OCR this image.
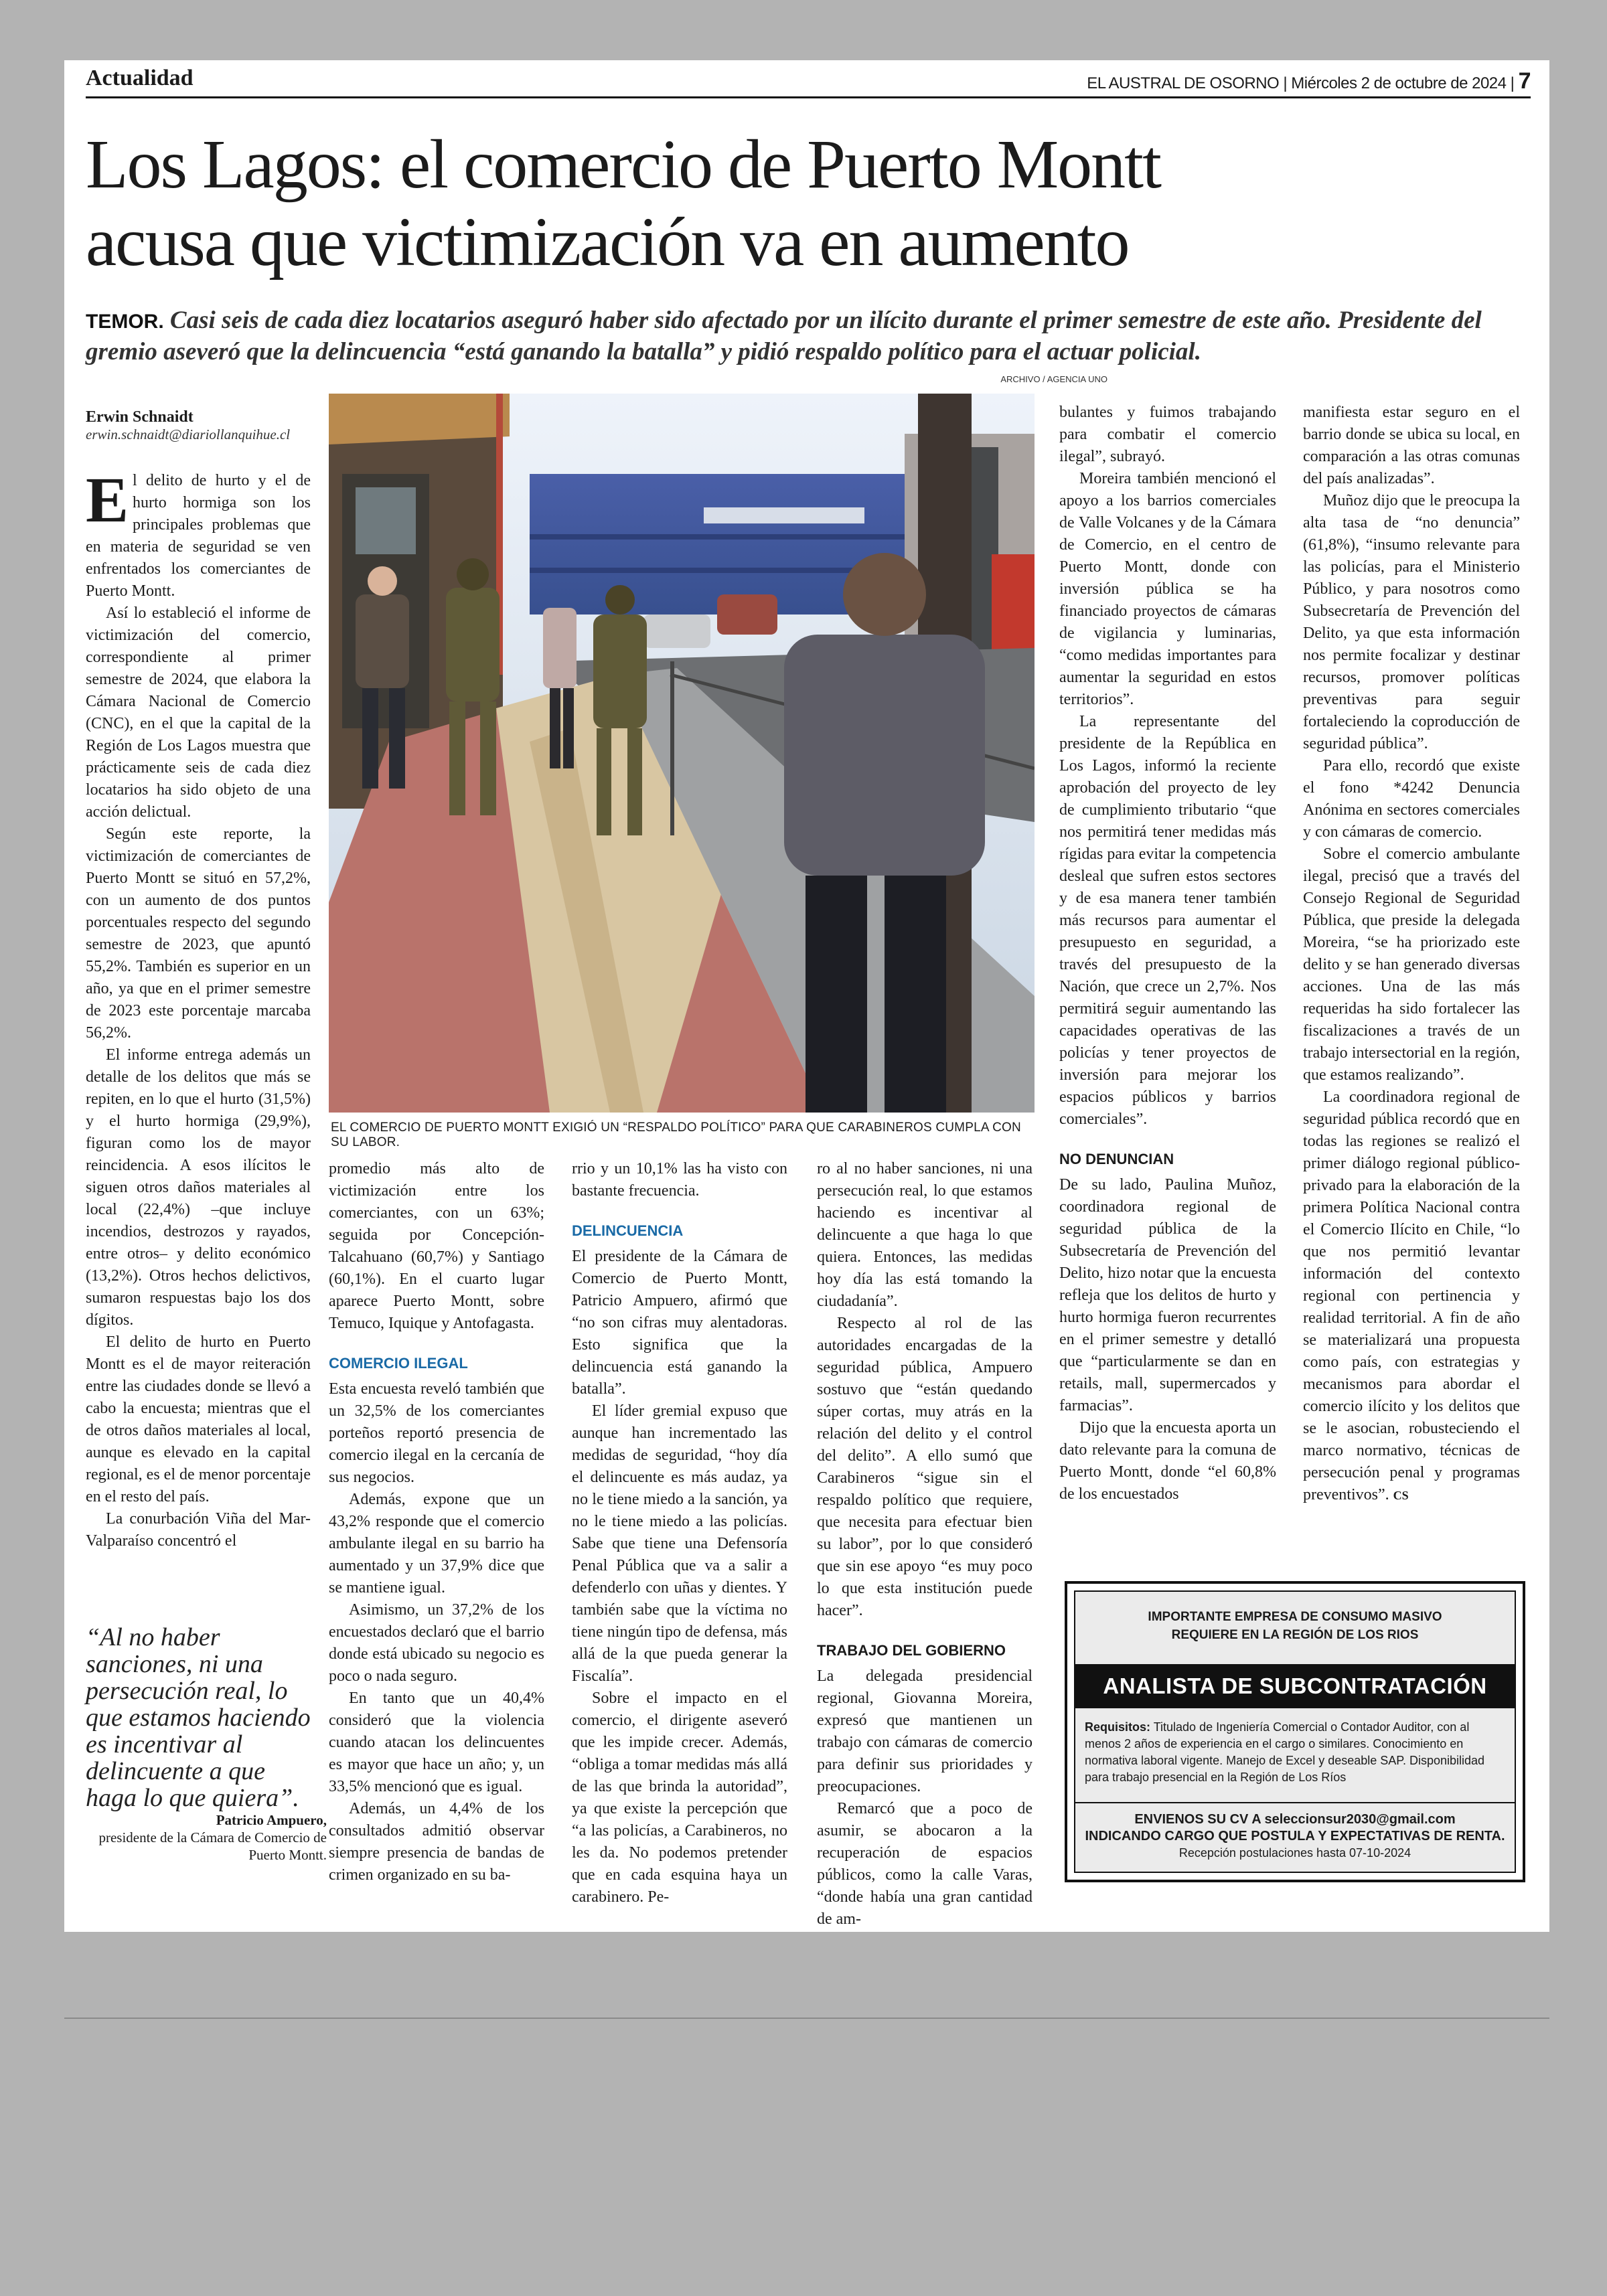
Actualidad	EL AUSTRAL DE OSORNO | Miércoles 2 de octubre de 2024 | 7
Los Lagos: el comercio de Puerto Montt
acusa que victimización va en aumento
TEMOR. Casi seis de cada diez locatarios aseguró haber sido afectado por un ilícito durante el primer semestre de este año. Presidente del gremio aseveró que la delincuencia “está ganando la batalla” y pidió respaldo político para el actuar policial.
ARCHIVO / AGENCIA UNO
Erwin Schnaidt
erwin.schnaidt@diariollanquihue.cl

El delito de hurto y el de hurto hormiga son los principales problemas que en materia de seguridad se ven enfrentados los comerciantes de Puerto Montt.

Así lo estableció el informe de victimización del comercio, correspondiente al primer semestre de 2024, que elabora la Cámara Nacional de Comercio (CNC), en el que la capital de la Región de Los Lagos muestra que prácticamente seis de cada diez locatarios ha sido objeto de una acción delictual.

Según este reporte, la victimización de comerciantes de Puerto Montt se situó en 57,2%, con un aumento de dos puntos porcentuales respecto del segundo semestre de 2023, que apuntó 55,2%. También es superior en un año, ya que en el primer semestre de 2023 este porcentaje marcaba 56,2%.

El informe entrega además un detalle de los delitos que más se repiten, en lo que el hurto (31,5%) y el hurto hormiga (29,9%), figuran como los de mayor reincidencia. A esos ilícitos le siguen otros daños materiales al local (22,4%) –que incluye incendios, destrozos y rayados, entre otros– y delito económico (13,2%). Otros hechos delictivos, sumaron respuestas bajo los dos dígitos.

El delito de hurto en Puerto Montt es el de mayor reiteración entre las ciudades donde se llevó a cabo la encuesta; mientras que el de otros daños materiales al local, aunque es elevado en la capital regional, es el de menor porcentaje en el resto del país.

La conurbación Viña del Mar-Valparaíso concentró el

“Al no haber sanciones, ni una persecución real, lo que estamos haciendo es incentivar al delincuente a que haga lo que quiera”.
Patricio Ampuero,
presidente de la Cámara de Comercio de Puerto Montt.
EL COMERCIO DE PUERTO MONTT EXIGIÓ UN “RESPALDO POLÍTICO” PARA QUE CARABINEROS CUMPLA CON SU LABOR.

promedio más alto de victimización entre los comerciantes, con un 63%; seguida por Concepción-Talcahuano (60,7%) y Santiago (60,1%). En el cuarto lugar aparece Puerto Montt, sobre Temuco, Iquique y Antofagasta.

COMERCIO ILEGAL

Esta encuesta reveló también que un 32,5% de los comerciantes porteños reportó presencia de comercio ilegal en la cercanía de sus negocios.

Además, expone que un 43,2% responde que el comercio ambulante ilegal en su barrio ha aumentado y un 37,9% dice que se mantiene igual.

Asimismo, un 37,2% de los encuestados declaró que el barrio donde está ubicado su negocio es poco o nada seguro.

En tanto que un 40,4% consideró que la violencia cuando atacan los delincuentes es mayor que hace un año; y, un 33,5% mencionó que es igual.

Además, un 4,4% de los consultados admitió observar siempre presencia de bandas de crimen organizado en su ba-

rrio y un 10,1% las ha visto con bastante frecuencia.

DELINCUENCIA

El presidente de la Cámara de Comercio de Puerto Montt, Patricio Ampuero, afirmó que “no son cifras muy alentadoras. Esto significa que la delincuencia está ganando la batalla”.

El líder gremial expuso que aunque han incrementado las medidas de seguridad, “hoy día el delincuente es más audaz, ya no le tiene miedo a la sanción, ya no le tiene miedo a las policías. Sabe que tiene una Defensoría Penal Pública que va a salir a defenderlo con uñas y dientes. Y también sabe que la víctima no tiene ningún tipo de defensa, más allá de la que pueda generar la Fiscalía”.

Sobre el impacto en el comercio, el dirigente aseveró que les impide crecer. Además, “obliga a tomar medidas más allá de las que brinda la autoridad”, ya que existe la percepción que “a las policías, a Carabineros, no les da. No podemos pretender que en cada esquina haya un carabinero. Pe-

ro al no haber sanciones, ni una persecución real, lo que estamos haciendo es incentivar al delincuente a que haga lo que quiera. Entonces, las medidas hoy día las está tomando la ciudadanía”.

Respecto al rol de las autoridades encargadas de la seguridad pública, Ampuero sostuvo que “están quedando súper cortas, muy atrás en la relación del delito y el control del delito”. A ello sumó que Carabineros “sigue sin el respaldo político que requiere, que necesita para efectuar bien su labor”, por lo que consideró que sin ese apoyo “es muy poco lo que esta institución puede hacer”.

TRABAJO DEL GOBIERNO

La delegada presidencial regional, Giovanna Moreira, expresó que mantienen un trabajo con cámaras de comercio para definir sus prioridades y preocupaciones.

Remarcó que a poco de asumir, se abocaron a la recuperación de espacios públicos, como la calle Varas, “donde había una gran cantidad de am-

bulantes y fuimos trabajando para combatir el comercio ilegal”, subrayó.

Moreira también mencionó el apoyo a los barrios comerciales de Valle Volcanes y de la Cámara de Comercio, en el centro de Puerto Montt, donde con inversión pública se ha financiado proyectos de cámaras de vigilancia y luminarias, “como medidas importantes para aumentar la seguridad en estos territorios”.

La representante del presidente de la República en Los Lagos, informó la reciente aprobación del proyecto de ley de cumplimiento tributario “que nos permitirá tener medidas más rígidas para evitar la competencia desleal que sufren estos sectores y de esa manera tener también más recursos para aumentar el presupuesto en seguridad, a través del presupuesto de la Nación, que crece un 2,7%. Nos permitirá seguir aumentando las capacidades operativas de las policías y tener proyectos de inversión para mejorar los espacios públicos y barrios comerciales”.

NO DENUNCIAN

De su lado, Paulina Muñoz, coordinadora regional de seguridad pública de la Subsecretaría de Prevención del Delito, hizo notar que la encuesta refleja que los delitos de hurto y hurto hormiga fueron recurrentes en el primer semestre y detalló que “particularmente se dan en retails, mall, supermercados y farmacias”.

Dijo que la encuesta aporta un dato relevante para la comuna de Puerto Montt, donde “el 60,8% de los encuestados

manifiesta estar seguro en el barrio donde se ubica su local, en comparación a las otras comunas del país analizadas”.

Muñoz dijo que le preocupa la alta tasa de “no denuncia” (61,8%), “insumo relevante para las policías, para el Ministerio Público, y para nosotros como Subsecretaría de Prevención del Delito, ya que esta información nos permite focalizar y destinar recursos, promover políticas preventivas para seguir fortaleciendo la coproducción de seguridad pública”.

Para ello, recordó que existe el fono *4242 Denuncia Anónima en sectores comerciales y con cámaras de comercio.

Sobre el comercio ambulante ilegal, precisó que a través del Consejo Regional de Seguridad Pública, que preside la delegada Moreira, “se ha priorizado este delito y se han generado diversas acciones. Una de las más requeridas ha sido fortalecer las fiscalizaciones a través de un trabajo intersectorial en la región, que estamos realizando”.

La coordinadora regional de seguridad pública recordó que en todas las regiones se realizó el primer diálogo regional público-privado para la elaboración de la primera Política Nacional contra el Comercio Ilícito en Chile, “lo que nos permitió levantar información del contexto regional con pertinencia y realidad territorial. A fin de año se materializará una propuesta como país, con estrategias y mecanismos para abordar el comercio ilícito y los delitos que se le asocian, robusteciendo el marco normativo, técnicas de persecución penal y programas preventivos”. CS

IMPORTANTE EMPRESA DE CONSUMO MASIVO
REQUIERE EN LA REGIÓN DE LOS RIOS
ANALISTA DE SUBCONTRATACIÓN
Requisitos: Titulado de Ingeniería Comercial o Contador Auditor, con al menos 2 años de experiencia en el cargo o similares. Conocimiento en normativa laboral vigente. Manejo de Excel y deseable SAP. Disponibilidad para trabajo presencial en la Región de Los Ríos
ENVIENOS SU CV A seleccionsur2030@gmail.com
INDICANDO CARGO QUE POSTULA Y EXPECTATIVAS DE RENTA.
Recepción postulaciones hasta 07-10-2024
